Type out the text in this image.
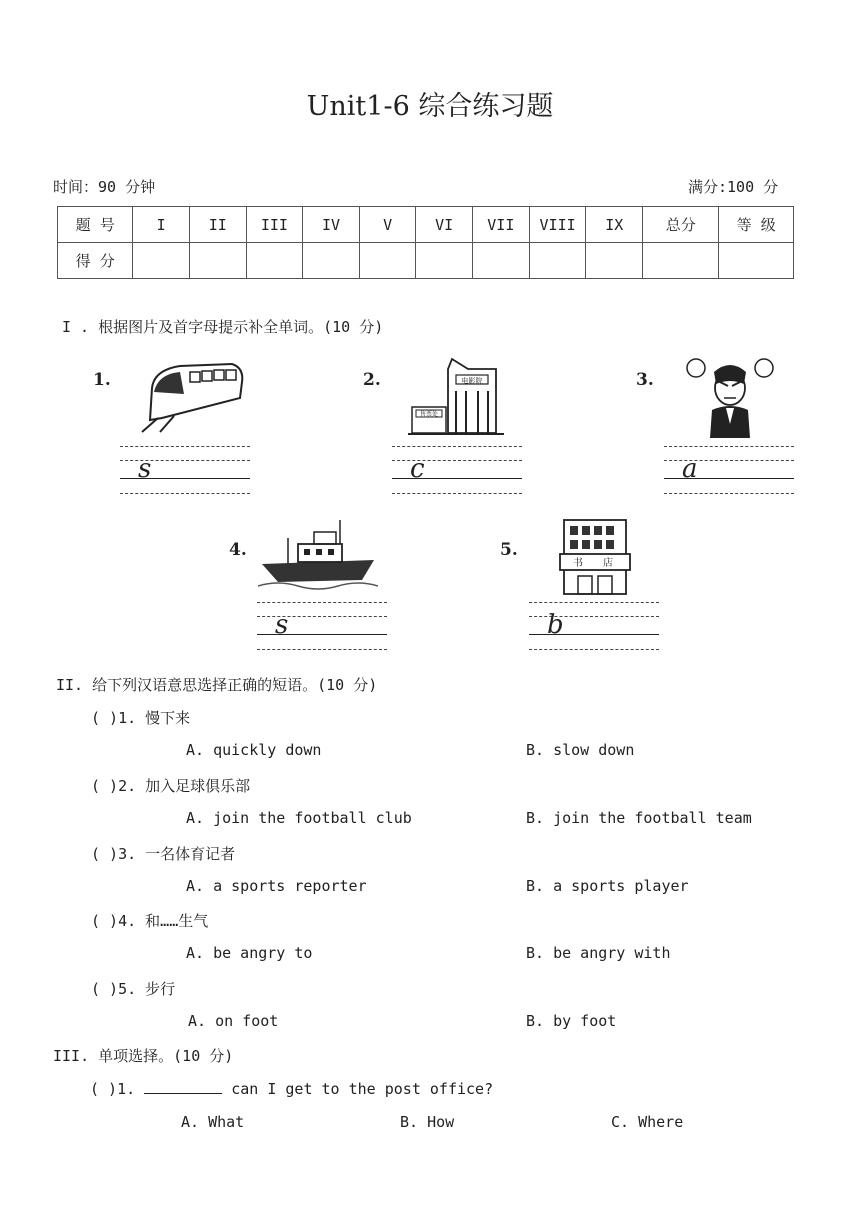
Unit1-6 综合练习题
时间：90 分钟	满分:100 分
题 号	I	II	III	IV	V	VI	VII	VIII	IX	总分	等 级
得 分											
I . 根据图片及首字母提示补全单词。(10 分)
1.
s
2.	电影院
售票处
c
3.
a
4.
s
5.
书 店
b
II. 给下列汉语意思选择正确的短语。(10 分)
( )1. 慢下来
A. quickly down	B. slow down
( )2. 加入足球俱乐部
A. join the football club	B. join the football team
( )3. 一名体育记者
A. a sports reporter	B. a sports player
( )4. 和……生气
A. be angry to	B. be angry with
( )5. 步行
A. on foot	B. by foot
III. 单项选择。(10 分)
( )1.	can I get to the post office?
A. What	B. How	C. Where
